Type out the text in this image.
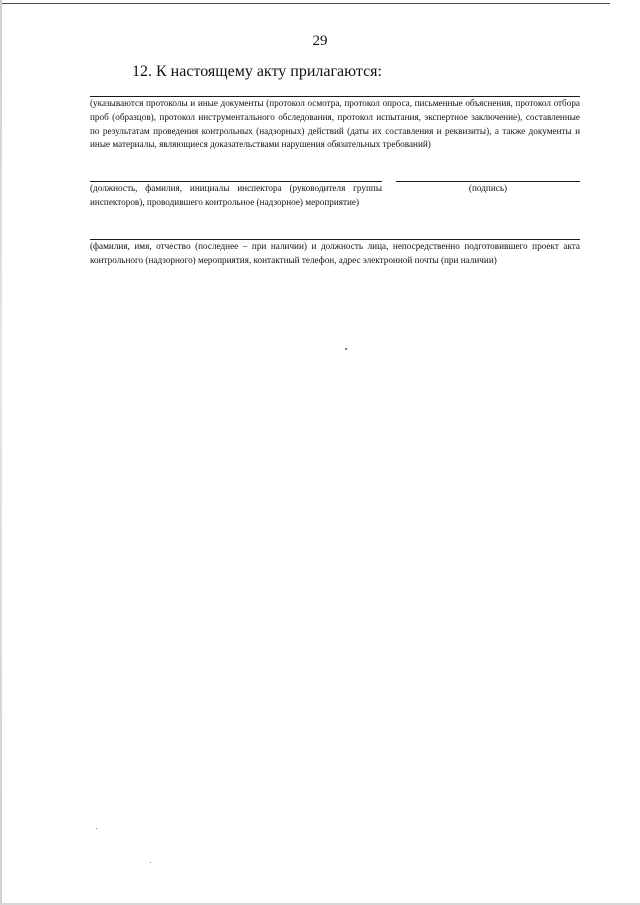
29
12. К настоящему акту прилагаются:
(указываются протоколы и иные документы (протокол осмотра, протокол опроса, письменные объяснения, протокол отбора проб (образцов), протокол инструментального обследования, протокол испытания, экспертное заключение), составленные по результатам проведения контрольных (надзорных) действий (даты их составления и реквизиты), а также документы и иные материалы, являющиеся доказательствами нарушения обязательных требований)
(должность, фамилия, инициалы инспектора (руководителя группы инспекторов), проводившего контрольное (надзорное) мероприятие)
(подпись)
(фамилия, имя, отчество (последнее – при наличии) и должность лица, непосредственно подготовившего проект акта контрольного (надзорного) мероприятия, контактный телефон, адрес электронной почты (при наличии)
